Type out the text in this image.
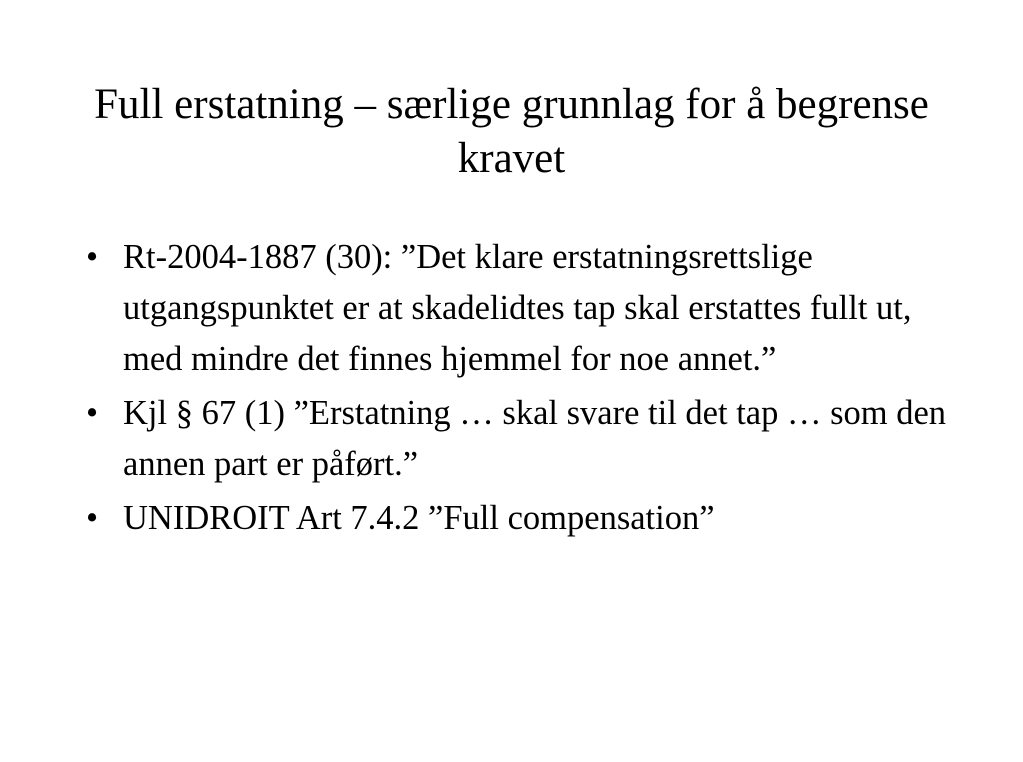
Full erstatning – særlige grunnlag for å begrense kravet
• Rt-2004-1887 (30): ”Det klare erstatningsrettslige utgangspunktet er at skadelidtes tap skal erstattes fullt ut, med mindre det finnes hjemmel for noe annet.”
• Kjl § 67 (1) ”Erstatning … skal svare til det tap … som den annen part er påført.”
• UNIDROIT Art 7.4.2 ”Full compensation”
